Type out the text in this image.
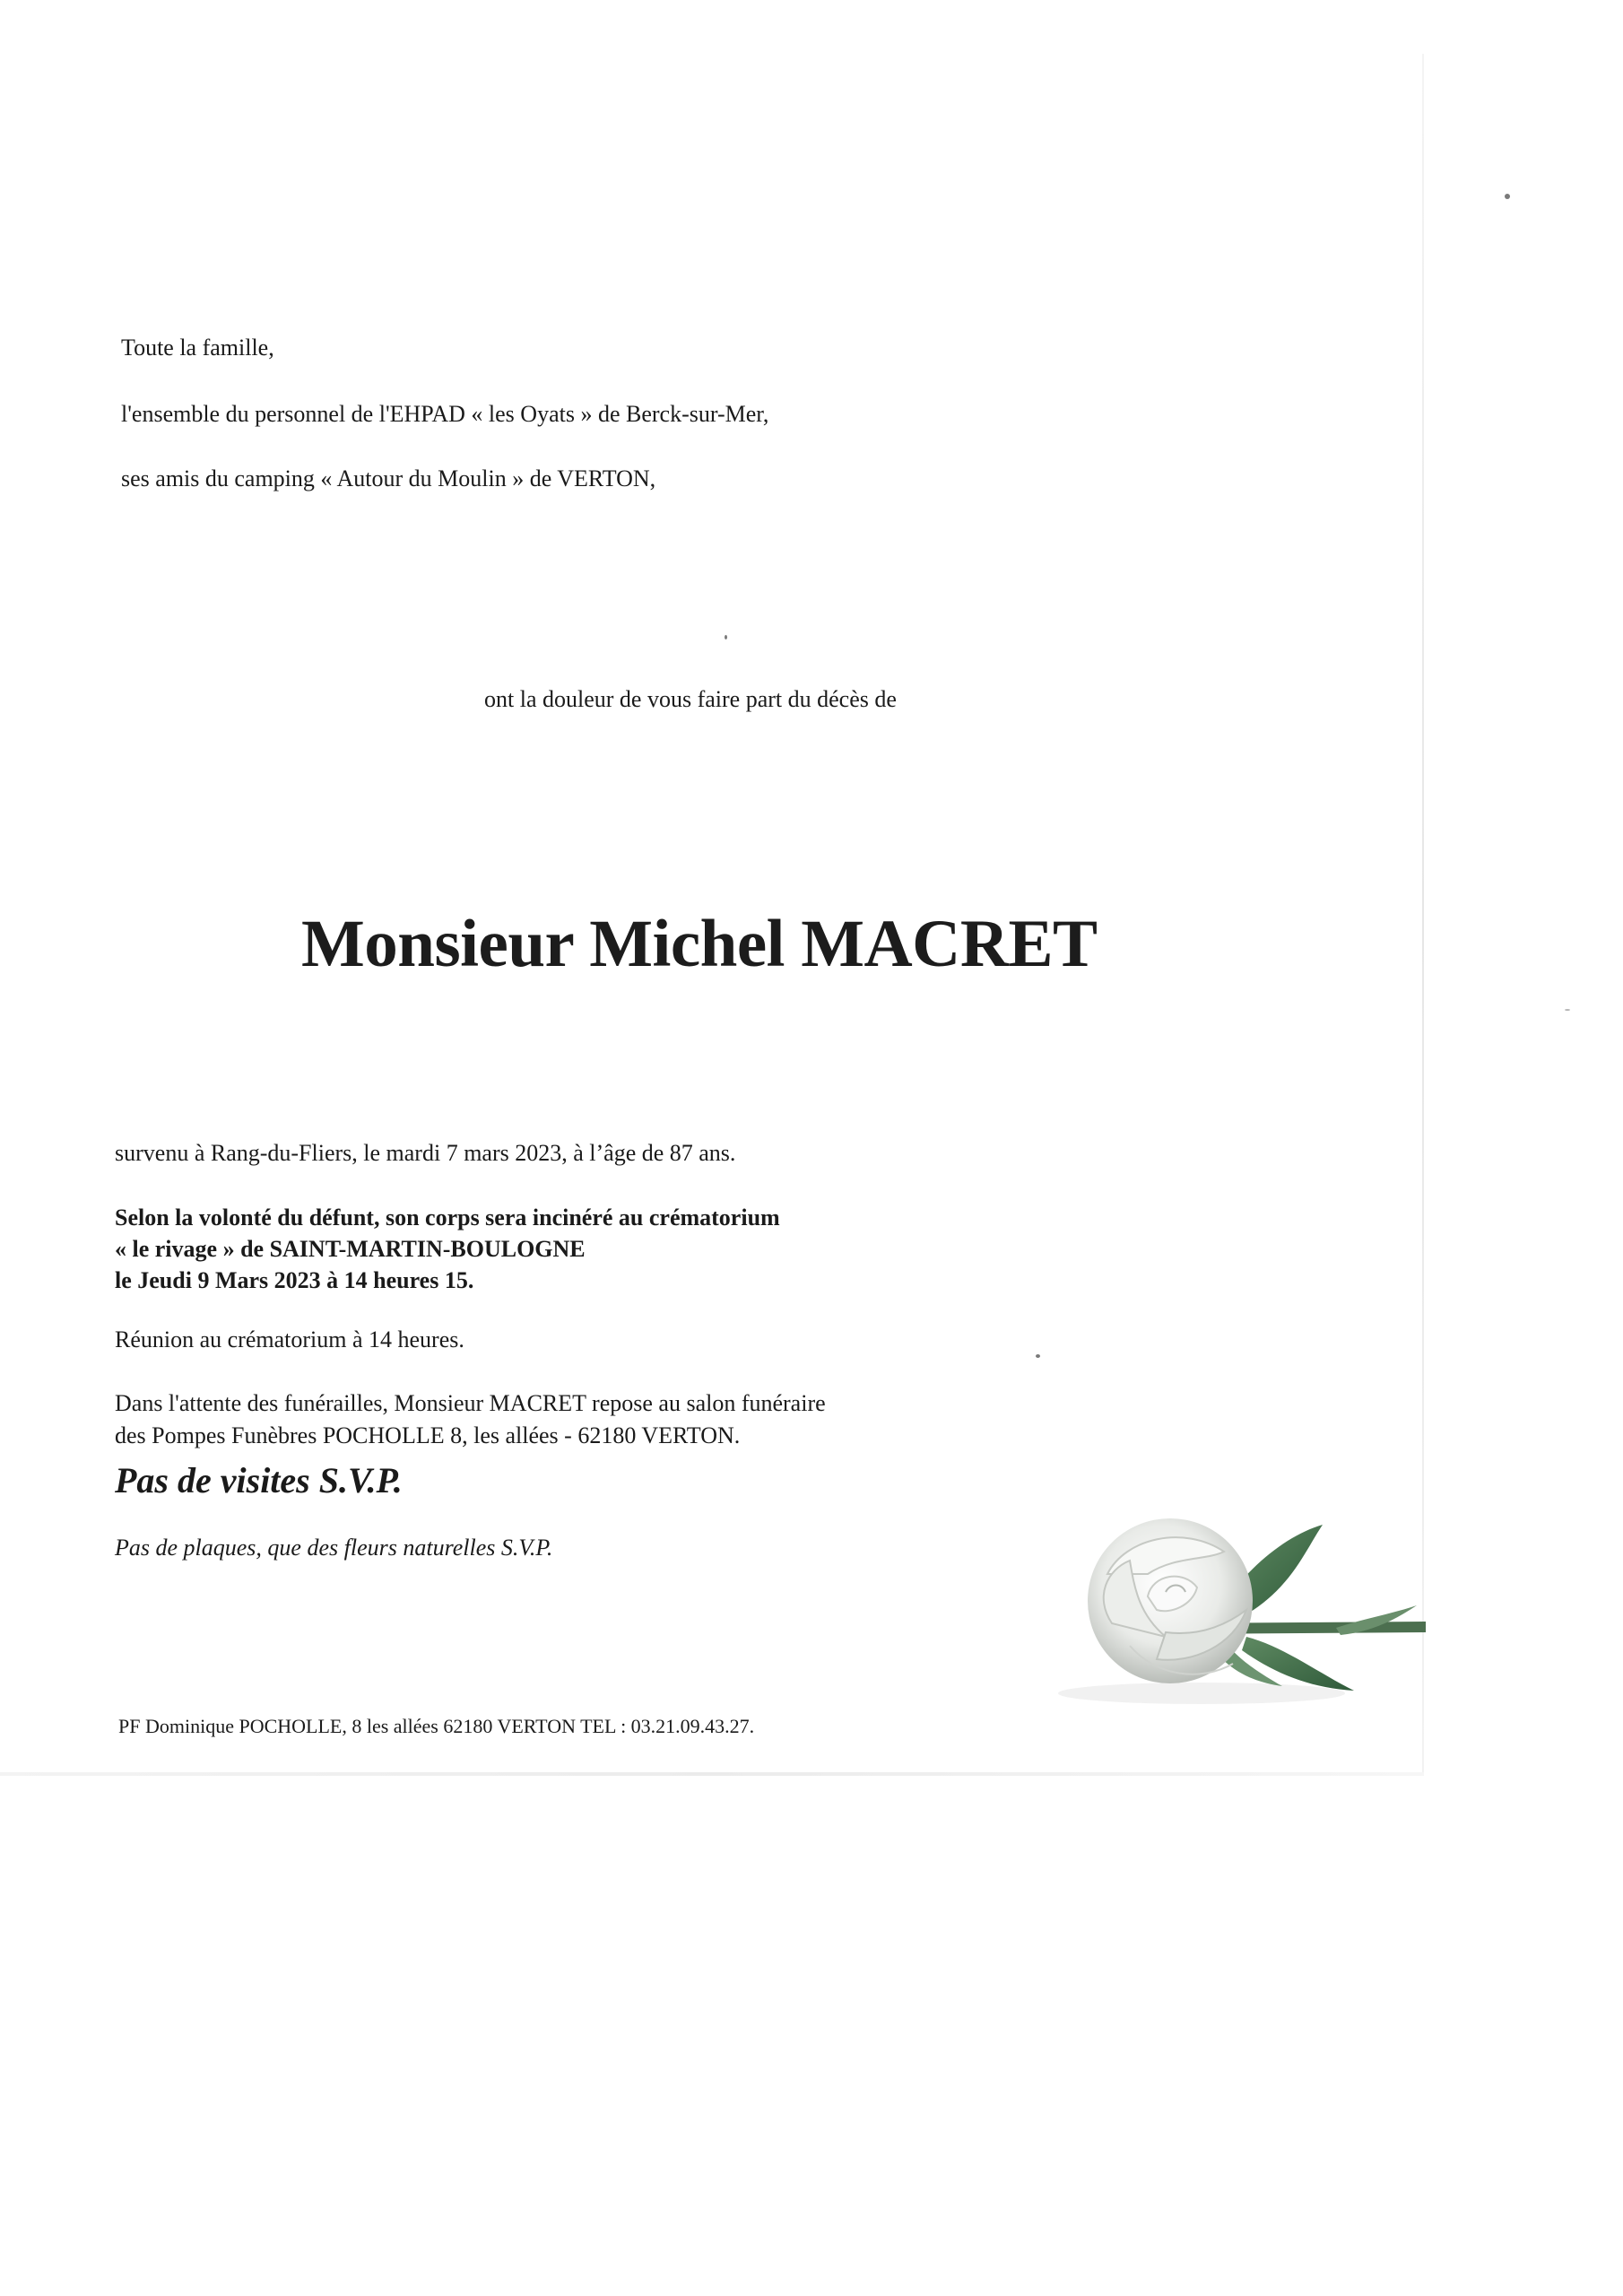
Toute la famille,
l'ensemble du personnel de l'EHPAD « les Oyats » de Berck-sur-Mer,
ses amis du camping « Autour du Moulin » de VERTON,
ont la douleur de vous faire part du décès de
Monsieur Michel MACRET
survenu à Rang-du-Fliers, le mardi 7 mars 2023, à l’âge de 87 ans.
Selon la volonté du défunt, son corps sera incinéré au crématorium
« le rivage » de SAINT-MARTIN-BOULOGNE
le Jeudi 9 Mars 2023 à 14 heures 15.
Réunion au crématorium à 14 heures.
Dans l'attente des funérailles, Monsieur MACRET repose au salon funéraire
des Pompes Funèbres POCHOLLE 8, les allées - 62180 VERTON.
Pas de visites S.V.P.
Pas de plaques, que des fleurs naturelles S.V.P.
PF Dominique POCHOLLE, 8 les allées 62180 VERTON TEL : 03.21.09.43.27.
